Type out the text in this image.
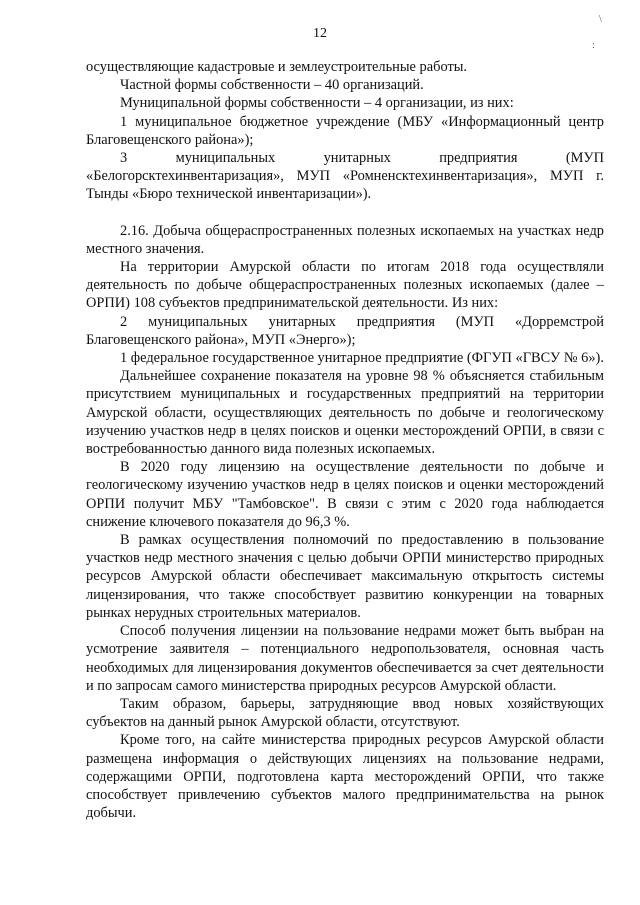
12
\
:

осуществляющие кадастровые и землеустроительные работы.

Частной формы собственности – 40 организаций.

Муниципальной формы собственности – 4 организации, из них:

1 муниципальное бюджетное учреждение (МБУ «Информационный центр Благовещенского района»);

3 муниципальных унитарных предприятия (МУП «Белогорсктехинвентаризация», МУП «Ромненсктехинвентаризация», МУП г. Тынды «Бюро технической инвентаризации»).

2.16. Добыча общераспространенных полезных ископаемых на участках недр местного значения.

На территории Амурской области по итогам 2018 года осуществляли деятельность по добыче общераспространенных полезных ископаемых (далее – ОРПИ) 108 субъектов предпринимательской деятельности. Из них:

2 муниципальных унитарных предприятия (МУП «Дорремстрой Благовещенского района», МУП «Энерго»);

1 федеральное государственное унитарное предприятие (ФГУП «ГВСУ № 6»).

Дальнейшее сохранение показателя на уровне 98 % объясняется стабильным присутствием муниципальных и государственных предприятий на территории Амурской области, осуществляющих деятельность по добыче и геологическому изучению участков недр в целях поисков и оценки месторождений ОРПИ, в связи с востребованностью данного вида полезных ископаемых.

В 2020 году лицензию на осуществление деятельности по добыче и геологическому изучению участков недр в целях поисков и оценки месторождений ОРПИ получит МБУ "Тамбовское". В связи с этим с 2020 года наблюдается снижение ключевого показателя до 96,3 %.

В рамках осуществления полномочий по предоставлению в пользование участков недр местного значения с целью добычи ОРПИ министерство природных ресурсов Амурской области обеспечивает максимальную открытость системы лицензирования, что также способствует развитию конкуренции на товарных рынках нерудных строительных материалов.

Способ получения лицензии на пользование недрами может быть выбран на усмотрение заявителя – потенциального недропользователя, основная часть необходимых для лицензирования документов обеспечивается за счет деятельности и по запросам самого министерства природных ресурсов Амурской области.

Таким образом, барьеры, затрудняющие ввод новых хозяйствующих субъектов на данный рынок Амурской области, отсутствуют.

Кроме того, на сайте министерства природных ресурсов Амурской области размещена информация о действующих лицензиях на пользование недрами, содержащими ОРПИ, подготовлена карта месторождений ОРПИ, что также способствует привлечению субъектов малого предпринимательства на рынок добычи.
